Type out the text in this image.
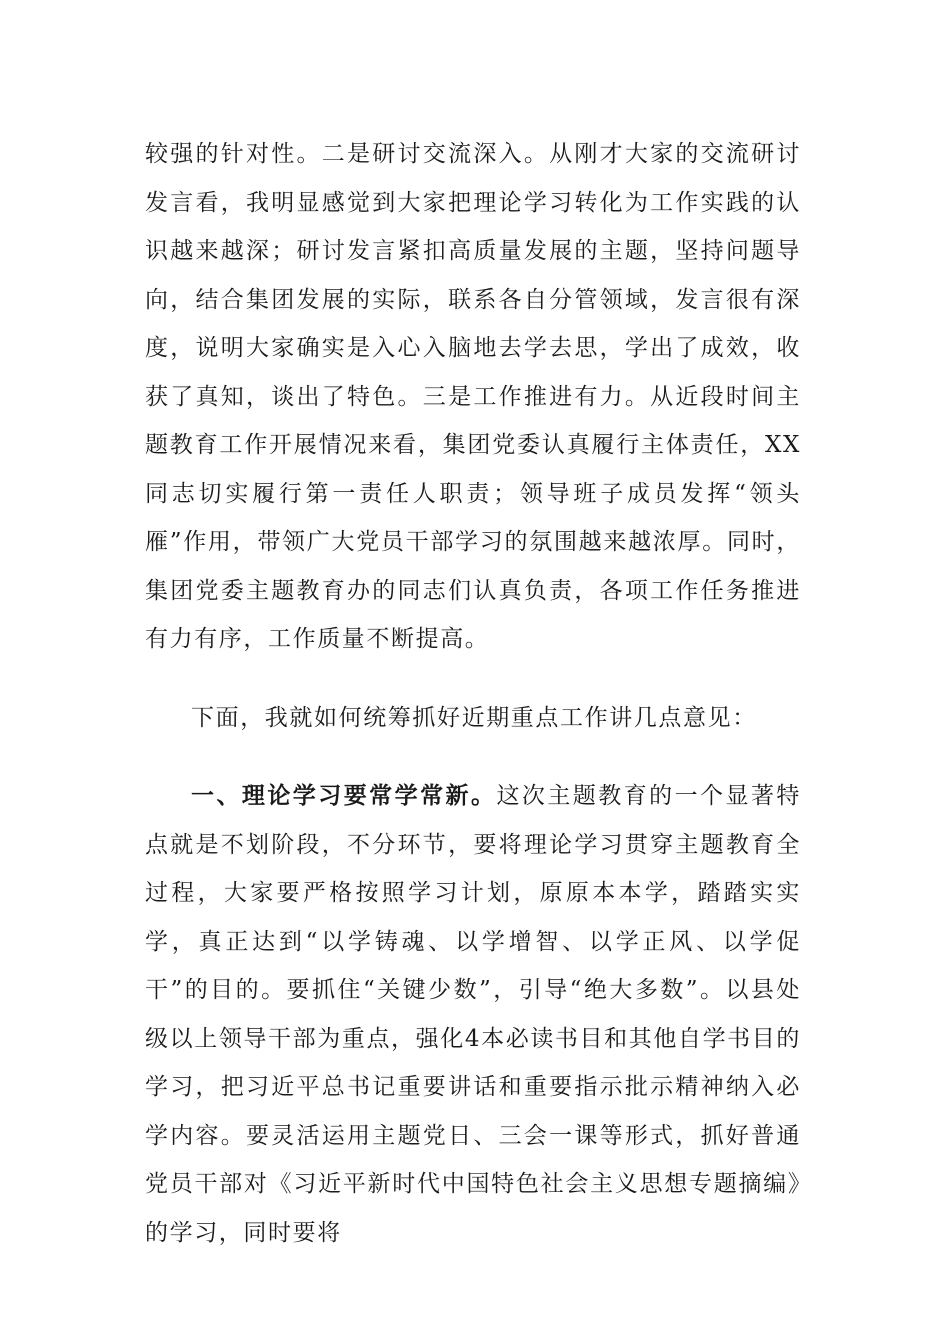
较强的针对性。二是研讨交流深入。从刚才大家的交流研讨发言看，我明显感觉到大家把理论学习转化为工作实践的认识越来越深；研讨发言紧扣高质量发展的主题，坚持问题导向，结合集团发展的实际，联系各自分管领域，发言很有深度，说明大家确实是入心入脑地去学去思，学出了成效，收获了真知，谈出了特色。三是工作推进有力。从近段时间主题教育工作开展情况来看，集团党委认真履行主体责任，XX同志切实履行第一责任人职责；领导班子成员发挥“领头雁”作用，带领广大党员干部学习的氛围越来越浓厚。同时，集团党委主题教育办的同志们认真负责，各项工作任务推进有力有序，工作质量不断提高。

下面，我就如何统筹抓好近期重点工作讲几点意见：

一、理论学习要常学常新。这次主题教育的一个显著特点就是不划阶段，不分环节，要将理论学习贯穿主题教育全过程，大家要严格按照学习计划，原原本本学，踏踏实实学，真正达到“以学铸魂、以学增智、以学正风、以学促干”的目的。要抓住“关键少数”，引导“绝大多数”。以县处级以上领导干部为重点，强化4本必读书目和其他自学书目的学习，把习近平总书记重要讲话和重要指示批示精神纳入必学内容。要灵活运用主题党日、三会一课等形式，抓好普通党员干部对《习近平新时代中国特色社会主义思想专题摘编》的学习，同时要将
